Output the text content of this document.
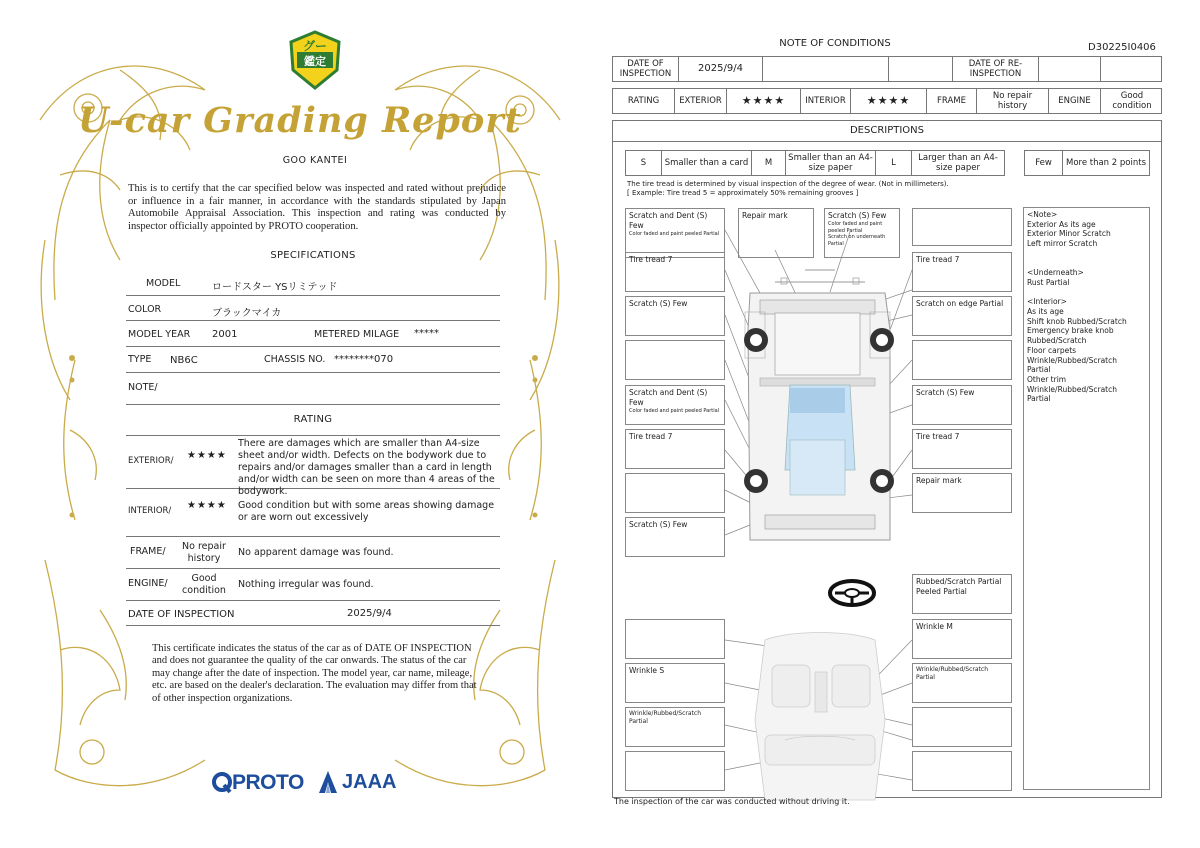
グー
鑑定
U-car Grading Report
GOO KANTEI
This is to certify that the car specified below was inspected and rated without prejudice or influence in a fair manner, in accordance with the standards stipulated by Japan Automobile Appraisal Association. This inspection and rating was conducted by inspector officially appointed by PROTO cooperation.
SPECIFICATIONS
MODEL	ロードスター YSリミテッド
COLOR	ブラックマイカ
MODEL YEAR 2001	METERED MILAGE *****
TYPE NB6C	CHASSIS NO. ********070
NOTE/
RATING
EXTERIOR/ ★★★★
There are damages which are smaller than A4-size sheet and/or width. Defects on the bodywork due to repairs and/or damages smaller than a card in length and/or width can be seen on more than 4 areas of the bodywork.
INTERIOR/ ★★★★ Good condition but with some areas showing damage or are worn out excessively
FRAME/	No repair history
No apparent damage was found.
ENGINE/	Good condition
Nothing irregular was found.
DATE OF INSPECTION	2025/9/4
This certificate indicates the status of the car as of DATE OF INSPECTION and does not guarantee the quality of the car onwards. The status of the car may change after the date of inspection. The model year, car name, mileage, etc. are based on the dealer's declaration. The evaluation may differ from that of other inspection organizations.
PROTO JAAA
NOTE OF CONDITIONS	D30225I0406
DATE OF INSPECTION	2025/9/4	DATE OF RE-INSPECTION
RATING	EXTERIOR	★★★★	INTERIOR	★★★★	FRAME	No repair history	ENGINE	Good condition
DESCRIPTIONS
S	Smaller than a card	M	Smaller than an A4-size paper	L	Larger than an A4-size paper	Few	More than 2 points
The tire tread is determined by visual inspection of the degree of wear. (Not in millimeters).
[ Example: Tire tread 5 = approximately 50% remaining grooves ]
Scratch and Dent (S) Few
Color faded and paint peeled Partial
Repair mark	Scratch (S) Few
Color faded and paint peeled Partial
Scratch on underneath Partial
Tire tread 7	Tire tread 7
Scratch (S) Few	Scratch on edge Partial
Scratch and Dent (S) Few
Color faded and paint peeled Partial
Scratch (S) Few
Tire tread 7	Tire tread 7
Repair mark
Scratch (S) Few
Rubbed/Scratch Partial
Peeled Partial
Wrinkle M
Wrinkle S	Wrinkle/Rubbed/Scratch Partial
Wrinkle/Rubbed/Scratch Partial
<Note>
Exterior As its age
Exterior Minor Scratch
Left mirror Scratch
<Underneath>
Rust Partial
<Interior>
As its age
Shift knob Rubbed/Scratch
Emergency brake knob
Rubbed/Scratch
Floor carpets
Wrinkle/Rubbed/Scratch
Partial
Other trim
Wrinkle/Rubbed/Scratch
Partial
The inspection of the car was conducted without driving it.
